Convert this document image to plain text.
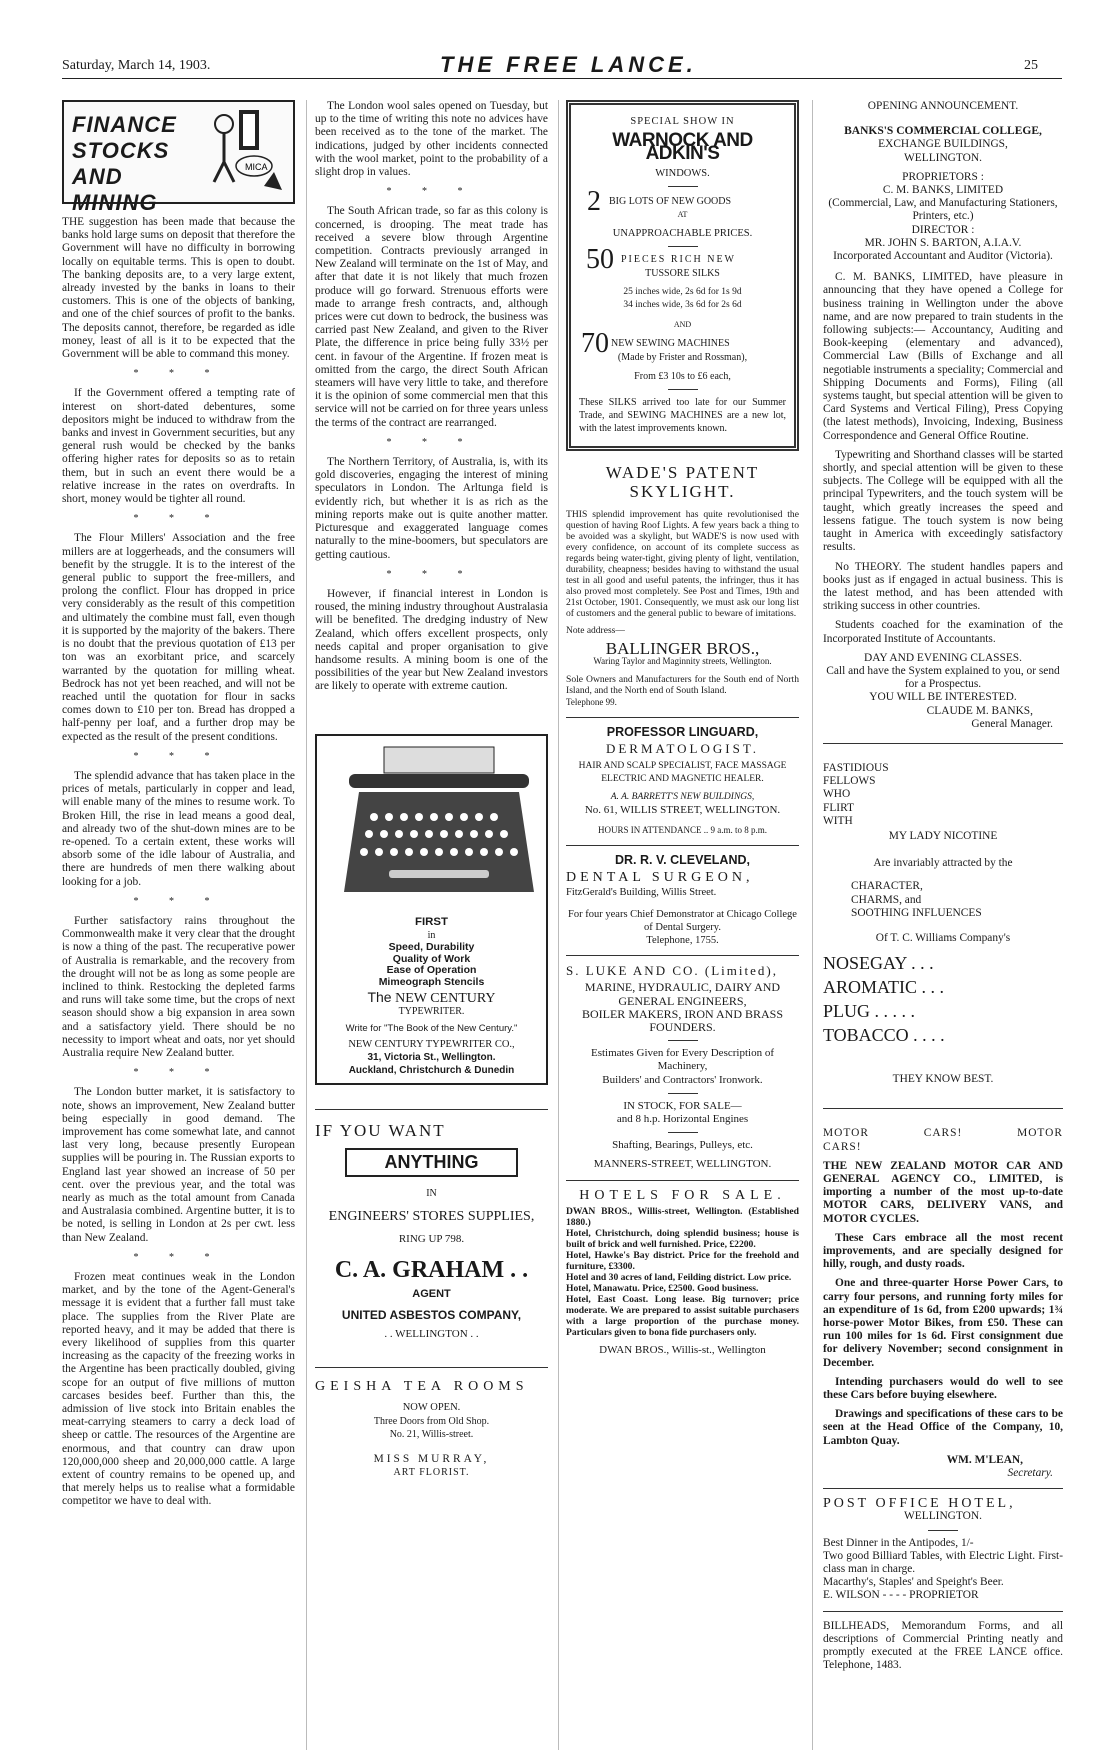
Saturday, March 14, 1903.	THE FREE LANCE.	25
MICA
FINANCE STOCKS AND MINING

THE suggestion has been made that because the banks hold large sums on deposit that therefore the Government will have no difficulty in borrowing locally on equitable terms. This is open to doubt. The banking deposits are, to a very large extent, already invested by the banks in loans to their customers. This is one of the objects of banking, and one of the chief sources of profit to the banks. The deposits cannot, therefore, be regarded as idle money, least of all is it to be expected that the Government will be able to command this money.

* * *

If the Government offered a tempting rate of interest on short-dated debentures, some depositors might be induced to withdraw from the banks and invest in Government securities, but any general rush would be checked by the banks offering higher rates for deposits so as to retain them, but in such an event there would be a relative increase in the rates on overdrafts. In short, money would be tighter all round.

* * *

The Flour Millers' Association and the free millers are at loggerheads, and the consumers will benefit by the struggle. It is to the interest of the general public to support the free-millers, and prolong the conflict. Flour has dropped in price very considerably as the result of this competition and ultimately the combine must fall, even though it is supported by the majority of the bakers. There is no doubt that the previous quotation of £13 per ton was an exorbitant price, and scarcely warranted by the quotation for milling wheat. Bedrock has not yet been reached, and will not be reached until the quotation for flour in sacks comes down to £10 per ton. Bread has dropped a half-penny per loaf, and a further drop may be expected as the result of the present conditions.

* * *

The splendid advance that has taken place in the prices of metals, particularly in copper and lead, will enable many of the mines to resume work. To Broken Hill, the rise in lead means a good deal, and already two of the shut-down mines are to be re-opened. To a certain extent, these works will absorb some of the idle labour of Australia, and there are hundreds of men there walking about looking for a job.

* * *

Further satisfactory rains throughout the Commonwealth make it very clear that the drought is now a thing of the past. The recuperative power of Australia is remarkable, and the recovery from the drought will not be as long as some people are inclined to think. Restocking the depleted farms and runs will take some time, but the crops of next season should show a big expansion in area sown and a satisfactory yield. There should be no necessity to import wheat and oats, nor yet should Australia require New Zealand butter.

* * *

The London butter market, it is satisfactory to note, shows an improvement, New Zealand butter being especially in good demand. The improvement has come somewhat late, and cannot last very long, because presently European supplies will be pouring in. The Russian exports to England last year showed an increase of 50 per cent. over the previous year, and the total was nearly as much as the total amount from Canada and Australasia combined. Argentine butter, it is to be noted, is selling in London at 2s per cwt. less than New Zealand.

* * *

Frozen meat continues weak in the London market, and by the tone of the Agent-General's message it is evident that a further fall must take place. The supplies from the River Plate are reported heavy, and it may be added that there is every likelihood of supplies from this quarter increasing as the capacity of the freezing works in the Argentine has been practically doubled, giving scope for an output of five millions of mutton carcases besides beef. Further than this, the admission of live stock into Britain enables the meat-carrying steamers to carry a deck load of sheep or cattle. The resources of the Argentine are enormous, and that country can draw upon 120,000,000 sheep and 20,000,000 cattle. A large extent of country remains to be opened up, and that merely helps us to realise what a formidable competitor we have to deal with.

The London wool sales opened on Tuesday, but up to the time of writing this note no advices have been received as to the tone of the market. The indications, judged by other incidents connected with the wool market, point to the probability of a slight drop in values.

* * *

The South African trade, so far as this colony is concerned, is drooping. The meat trade has received a severe blow through Argentine competition. Contracts previously arranged in New Zealand will terminate on the 1st of May, and after that date it is not likely that much frozen produce will go forward. Strenuous efforts were made to arrange fresh contracts, and, although prices were cut down to bedrock, the business was carried past New Zealand, and given to the River Plate, the difference in price being fully 33½ per cent. in favour of the Argentine. If frozen meat is omitted from the cargo, the direct South African steamers will have very little to take, and therefore it is the opinion of some commercial men that this service will not be carried on for three years unless the terms of the contract are rearranged.

* * *

The Northern Territory, of Australia, is, with its gold discoveries, engaging the interest of mining speculators in London. The Arltunga field is evidently rich, but whether it is as rich as the mining reports make out is quite another matter. Picturesque and exaggerated language comes naturally to the mine-boomers, but speculators are getting cautious.

* * *

However, if financial interest in London is roused, the mining industry throughout Australasia will be benefited. The dredging industry of New Zealand, which offers excellent prospects, only needs capital and proper organisation to give handsome results. A mining boom is one of the possibilities of the year but New Zealand investors are likely to operate with extreme caution.

FIRST
in
Speed, Durability
Quality of Work
Ease of Operation
Mimeograph Stencils
The NEW CENTURY
TYPEWRITER.
Write for "The Book of the New Century."
NEW CENTURY TYPEWRITER CO.,
31, Victoria St., Wellington.
Auckland, Christchurch & Dunedin
IF YOU WANT
ANYTHING
IN
ENGINEERS' STORES SUPPLIES,
RING UP 798.
C. A. GRAHAM . .
AGENT
UNITED ASBESTOS COMPANY,
. . WELLINGTON . .
GEISHA TEA ROOMS
NOW OPEN.
Three Doors from Old Shop.
No. 21, Willis-street.
MISS MURRAY,
ART FLORIST.
SPECIAL SHOW IN
WARNOCK AND ADKIN'S
WINDOWS.
2 BIG LOTS OF NEW GOODS
AT
UNAPPROACHABLE PRICES.
50 PIECES RICH NEW
TUSSORE SILKS
25 inches wide, 2s 6d for 1s 9d
34 inches wide, 3s 6d for 2s 6d
AND
70 NEW SEWING MACHINES
(Made by Frister and Rossman),
From £3 10s to £6 each,
These SILKS arrived too late for our Summer Trade, and SEWING MACHINES are a new lot, with the latest improvements known.
WADE'S PATENT SKYLIGHT.
THIS splendid improvement has quite revolutionised the question of having Roof Lights. A few years back a thing to be avoided was a skylight, but WADE'S is now used with every confidence, on account of its complete success as regards being water-tight, giving plenty of light, ventilation, durability, cheapness; besides having to withstand the usual test in all good and useful patents, the infringer, thus it has also proved most completely. See Post and Times, 19th and 21st October, 1901. Consequently, we must ask our long list of customers and the general public to beware of imitations.
Note address—
BALLINGER BROS.,
Waring Taylor and Maginnity streets, Wellington.
Sole Owners and Manufacturers for the South end of North Island, and the North end of South Island.
Telephone 99.
PROFESSOR LINGUARD,
DERMATOLOGIST.
HAIR AND SCALP SPECIALIST, FACE MASSAGE ELECTRIC AND MAGNETIC HEALER.
A. A. BARRETT'S NEW BUILDINGS,
No. 61, WILLIS STREET, WELLINGTON.
HOURS IN ATTENDANCE .. 9 a.m. to 8 p.m.
DR. R. V. CLEVELAND,
DENTAL SURGEON,
FitzGerald's Building, Willis Street.
For four years Chief Demonstrator at Chicago College of Dental Surgery.
Telephone, 1755.
S. LUKE AND CO. (Limited),
MARINE, HYDRAULIC, DAIRY AND
GENERAL ENGINEERS,
BOILER MAKERS, IRON AND BRASS FOUNDERS.
Estimates Given for Every Description of Machinery,
Builders' and Contractors' Ironwork.
IN STOCK, FOR SALE—
and 8 h.p. Horizontal Engines
Shafting, Bearings, Pulleys, etc.
MANNERS-STREET, WELLINGTON.
HOTELS FOR SALE.
DWAN BROS., Willis-street, Wellington. (Established 1880.)
Hotel, Christchurch, doing splendid business; house is built of brick and well furnished. Price, £2200.
Hotel, Hawke's Bay district. Price for the freehold and furniture, £3300.
Hotel and 30 acres of land, Feilding district. Low price.
Hotel, Manawatu. Price, £2500. Good business.
Hotel, East Coast. Long lease. Big turnover; price moderate. We are prepared to assist suitable purchasers with a large proportion of the purchase money. Particulars given to bona fide purchasers only.
DWAN BROS., Willis-st., Wellington
OPENING ANNOUNCEMENT.
BANKS'S COMMERCIAL COLLEGE,
EXCHANGE BUILDINGS,
WELLINGTON.
PROPRIETORS :
C. M. BANKS, LIMITED
(Commercial, Law, and Manufacturing Stationers, Printers, etc.)
DIRECTOR :
MR. JOHN S. BARTON, A.I.A.V.
Incorporated Accountant and Auditor (Victoria).

C. M. BANKS, LIMITED, have pleasure in announcing that they have opened a College for business training in Wellington under the above name, and are now prepared to train students in the following subjects:— Accountancy, Auditing and Book-keeping (elementary and advanced), Commercial Law (Bills of Exchange and all negotiable instruments a speciality; Commercial and Shipping Documents and Forms), Filing (all systems taught, but special attention will be given to Card Systems and Vertical Filing), Press Copying (the latest methods), Invoicing, Indexing, Business Correspondence and General Office Routine.

Typewriting and Shorthand classes will be started shortly, and special attention will be given to these subjects. The College will be equipped with all the principal Typewriters, and the touch system will be taught, which greatly increases the speed and lessens fatigue. The touch system is now being taught in America with exceedingly satisfactory results.

No THEORY. The student handles papers and books just as if engaged in actual business. This is the latest method, and has been attended with striking success in other countries.

Students coached for the examination of the Incorporated Institute of Accountants.

DAY AND EVENING CLASSES.
Call and have the System explained to you, or send for a Prospectus.
YOU WILL BE INTERESTED.
CLAUDE M. BANKS,
General Manager.
FASTIDIOUS
FELLOWS
WHO
FLIRT
WITH
MY LADY NICOTINE
Are invariably attracted by the
CHARACTER,
CHARMS, and
SOOTHING INFLUENCES
Of T. C. Williams Company's
NOSEGAY . . .
AROMATIC . . .
PLUG . . . . .
TOBACCO . . . .
THEY KNOW BEST.
MOTOR CARS! MOTOR CARS!

THE NEW ZEALAND MOTOR CAR AND GENERAL AGENCY CO., LIMITED, is importing a number of the most up-to-date MOTOR CARS, DELIVERY VANS, and MOTOR CYCLES.

These Cars embrace all the most recent improvements, and are specially designed for hilly, rough, and dusty roads.

One and three-quarter Horse Power Cars, to carry four persons, and running forty miles for an expenditure of 1s 6d, from £200 upwards; 1¾ horse-power Motor Bikes, from £50. These can run 100 miles for 1s 6d. First consignment due for delivery November; second consignment in December.

Intending purchasers would do well to see these Cars before buying elsewhere.

Drawings and specifications of these cars to be seen at the Head Office of the Company, 10, Lambton Quay.

WM. M'LEAN,
Secretary.
POST OFFICE HOTEL,
WELLINGTON.
Best Dinner in the Antipodes, 1/-
Two good Billiard Tables, with Electric Light. First-class man in charge.
Macarthy's, Staples' and Speight's Beer.
E. WILSON - - - - PROPRIETOR
BILLHEADS, Memorandum Forms, and all descriptions of Commercial Printing neatly and promptly executed at the FREE LANCE office. Telephone, 1483.
